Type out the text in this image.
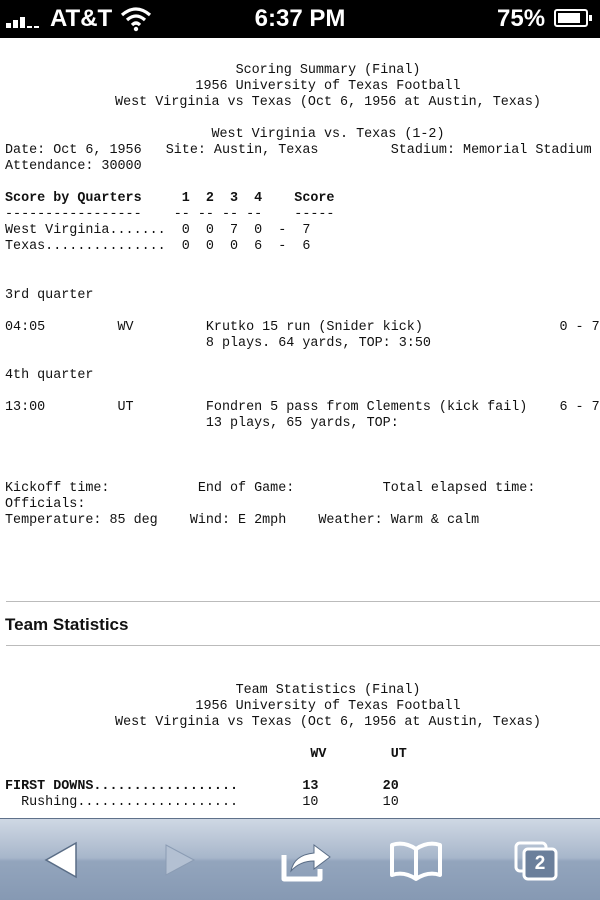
AT&T	6:37 PM	75%
Scoring Summary (Final)
1956 University of Texas Football
West Virginia vs Texas (Oct 6, 1956 at Austin, Texas)
West Virginia vs. Texas (1-2)
Date: Oct 6, 1956   Site: Austin, Texas         Stadium: Memorial Stadium
Attendance: 30000
Score by Quarters     1  2  3  4    Score
-----------------    -- -- -- --    -----
West Virginia.......  0  0  7  0  -  7
Texas...............  0  0  0  6  -  6
3rd quarter
04:05         WV         Krutko 15 run (Snider kick)                 0 - 7
8 plays. 64 yards, TOP: 3:50
4th quarter
13:00         UT         Fondren 5 pass from Clements (kick fail)    6 - 7
13 plays, 65 yards, TOP:
Kickoff time:           End of Game:           Total elapsed time:
Officials:
Temperature: 85 deg    Wind: E 2mph    Weather: Warm & calm
Team Statistics
Team Statistics (Final)
1956 University of Texas Football
West Virginia vs Texas (Oct 6, 1956 at Austin, Texas)
WV        UT
FIRST DOWNS..................        13        20
Rushing....................        10        10
2
